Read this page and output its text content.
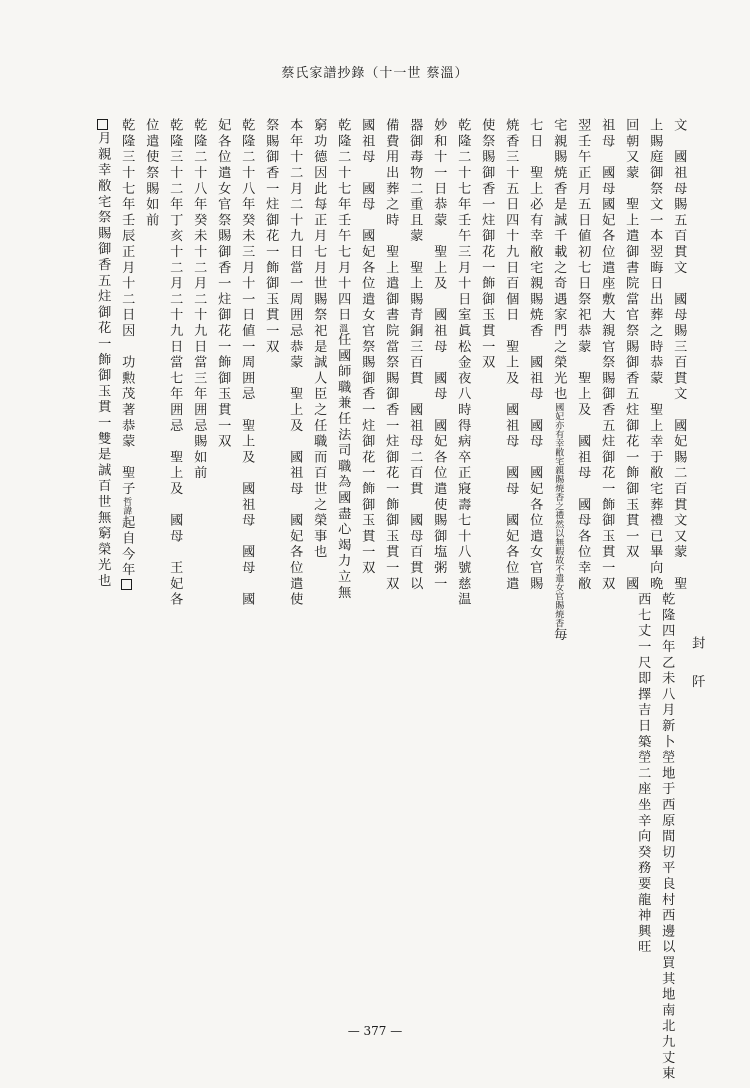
蔡氏家譜抄錄（十一世 蔡溫）
文　國祖母賜五百貫文　國母賜三百貫文　國妃賜二百貫文又蒙　聖
上賜庭御祭文一本翌晦日出葬之時恭蒙　聖上幸于敝宅葬禮已畢向晩
回朝又蒙　聖上遣御書院當官祭賜御香五炷御花一飾御玉貫一双　國
祖母　國母國妃各位遣座敷大親官祭賜御香五炷御花一飾御玉貫一双
翌壬午正月五日値初七日祭祀恭蒙　聖上及　國祖母　國母各位幸敝
宅親賜焼香是誠千載之奇遇家門之榮光也國妃亦有幸敝宅親賜焼香之禮然以無暇故不遣女官賜焼香毎
七日　聖上必有幸敝宅親賜焼香　國祖母　國母　國妃各位遣女官賜
焼香三十五日四十九日百個日　聖上及　國祖母　國母　國妃各位遣
使祭賜御香一炷御花一飾御玉貫一双
乾隆二十七年壬午三月十日室眞松金夜八時得病卒正寢壽七十八號慈温
妙和十一日恭蒙　聖上及　國祖母　國母　國妃各位遣使賜御塩粥一
器御毒物二重且蒙　聖上賜青銅三百貫　國祖母二百貫　國母百貫以
備費用出葬之時　聖上遣御書院當祭賜御香一炷御花一飾御玉貫一双
國祖母　國母　國妃各位遣女官祭賜御香一炷御花一飾御玉貫一双
乾隆二十七年壬午七月十四日溫任國師職兼任法司職為國盡心竭力立無
窮功德因此每正月七月世賜祭祀是誠人臣之任職而百世之榮事也
本年十二月二十九日當一周囲忌恭蒙　聖上及　國祖母　國妃各位遣使
祭賜御香一炷御花一飾御玉貫一双
乾隆二十八年癸未三月十一日値一周囲忌　聖上及　國祖母　國母　國
妃各位遣女官祭賜御香一炷御花一飾御玉貫一双
乾隆二十八年癸未十二月二十九日當三年囲忌賜如前
乾隆三十二年丁亥十二月二十九日當七年囲忌　聖上及　國母　王妃各
位遣使祭賜如前
乾隆三十七年壬辰正月十二日因　功勲茂著恭蒙　聖子哲諱起自今年
月親幸敝宅祭賜御香五炷御花一飾御玉貫一雙是誠百世無窮榮光也
封　阡
乾隆四年乙未八月新卜塋地于西原間切平良村西邊以買其地南北九丈東
西七丈一尺即擇吉日築塋二座坐辛向癸務要龍神興旺
— 377 —
